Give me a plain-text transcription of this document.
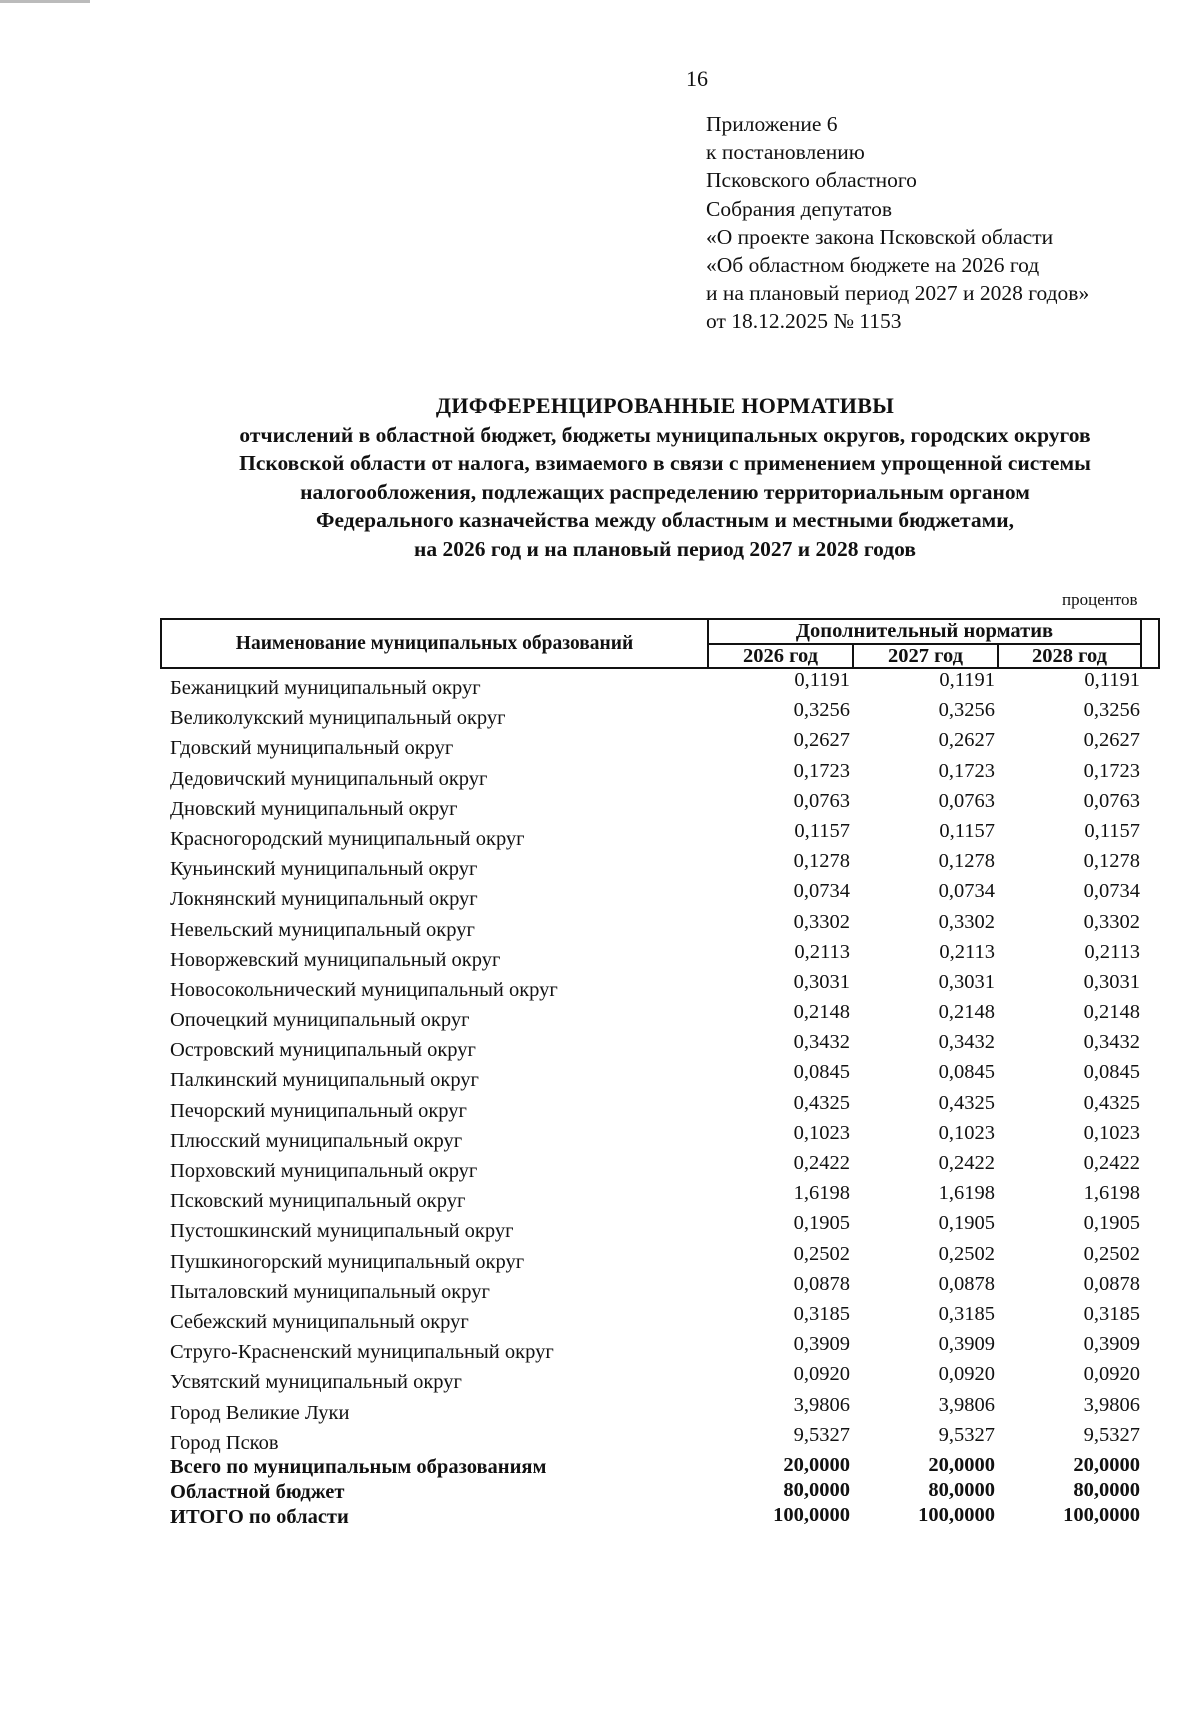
16
Приложение 6
к постановлению
Псковского областного
Собрания депутатов
«О проекте закона Псковской области
«Об областном бюджете на 2026 год
и на плановый период 2027 и 2028 годов»
от 18.12.2025 № 1153
ДИФФЕРЕНЦИРОВАННЫЕ НОРМАТИВЫ
отчислений в областной бюджет, бюджеты муниципальных округов, городских округов
Псковской области от налога, взимаемого в связи с применением упрощенной системы
налогообложения, подлежащих распределению территориальным органом
Федерального казначейства между областным и местными бюджетами,
на 2026 год и на плановый период 2027 и 2028 годов
процентов
Наименование муниципальных образований
Дополнительный норматив
2026 год	2027 год	2028 год
Бежаницкий муниципальный округ	0,1191	0,1191	0,1191
Великолукский муниципальный округ	0,3256	0,3256	0,3256
Гдовский муниципальный округ	0,2627	0,2627	0,2627
Дедовичский муниципальный округ	0,1723	0,1723	0,1723
Дновский муниципальный округ	0,0763	0,0763	0,0763
Красногородский муниципальный округ	0,1157	0,1157	0,1157
Куньинский муниципальный округ	0,1278	0,1278	0,1278
Локнянский муниципальный округ	0,0734	0,0734	0,0734
Невельский муниципальный округ	0,3302	0,3302	0,3302
Новоржевский муниципальный округ	0,2113	0,2113	0,2113
Новосокольнический муниципальный округ	0,3031	0,3031	0,3031
Опочецкий муниципальный округ	0,2148	0,2148	0,2148
Островский муниципальный округ	0,3432	0,3432	0,3432
Палкинский муниципальный округ	0,0845	0,0845	0,0845
Печорский муниципальный округ	0,4325	0,4325	0,4325
Плюсский муниципальный округ	0,1023	0,1023	0,1023
Порховский муниципальный округ	0,2422	0,2422	0,2422
Псковский муниципальный округ	1,6198	1,6198	1,6198
Пустошкинский муниципальный округ	0,1905	0,1905	0,1905
Пушкиногорский муниципальный округ	0,2502	0,2502	0,2502
Пыталовский муниципальный округ	0,0878	0,0878	0,0878
Себежский муниципальный округ	0,3185	0,3185	0,3185
Струго-Красненский муниципальный округ	0,3909	0,3909	0,3909
Усвятский муниципальный округ	0,0920	0,0920	0,0920
Город Великие Луки	3,9806	3,9806	3,9806
Город Псков	9,5327	9,5327	9,5327
Всего по муниципальным образованиям	20,0000	20,0000	20,0000
Областной бюджет	80,0000	80,0000	80,0000
ИТОГО по области	100,0000	100,0000	100,0000
